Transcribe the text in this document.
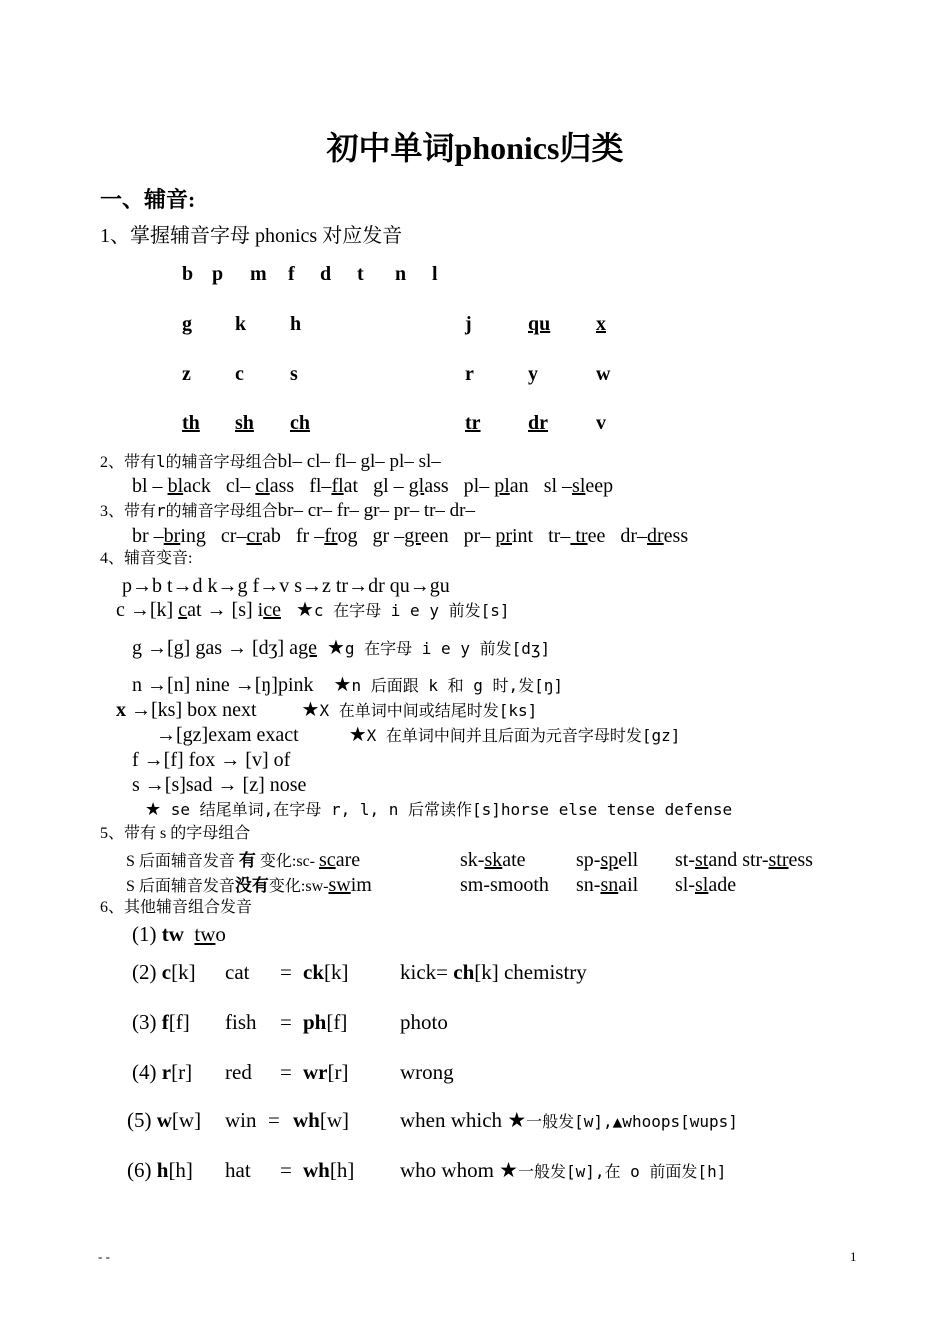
初中单词phonics归类
一、辅音:
1、掌握辅音字母 phonics 对应发音
b p m f d t n l
g k h	j	qu x
z c s	r	y	w
th sh ch	tr dr v
2、带有l的辅音字母组合bl– cl– fl– gl– pl– sl–
bl – black cl– class fl–flat gl – glass pl– plan sl –sleep
3、带有r的辅音字母组合br– cr– fr– gr– pr– tr– dr–
br –bring cr–crab fr –frog gr –green pr– print tr– tree dr–dress
4、辅音变音:
p→b t→d k→g f→v s→z tr→dr qu→gu
c →[k] cat → [s] ice ★c 在字母 i e y 前发[s]
g →[g] gas → [dʒ] age ★g 在字母 i e y 前发[dʒ]
n →[n] nine →[ŋ]pink ★n 后面跟 k 和 g 时,发[ŋ]
x →[ks] box next ★X 在单词中间或结尾时发[ks]
→[gz]exam exact	★X 在单词中间并且后面为元音字母时发[gz]
f →[f] fox → [v] of
s →[s]sad → [z] nose
★ se 结尾单词,在字母 r, l, n 后常读作[s]horse else tense defense
5、带有 s 的字母组合
S 后面辅音发音 有 变化:sc- scare	sk-skate	sp-spell st-stand str-stress
S 后面辅音发音没有变化:sw-swim	sm-smooth sn-snail sl-slade
6、其他辅音组合发音
(1) tw two
(2) c[k] cat = ck[k] kick= ch[k] chemistry
(3) f[f] fish = ph[f]	photo
(4) r[r] red = wr[r] wrong
(5) w[w] win = wh[w] when which ★一般发[w],▲whoops[wups]
(6) h[h] hat = wh[h] who whom ★一般发[w],在 o 前面发[h]
- -	1
